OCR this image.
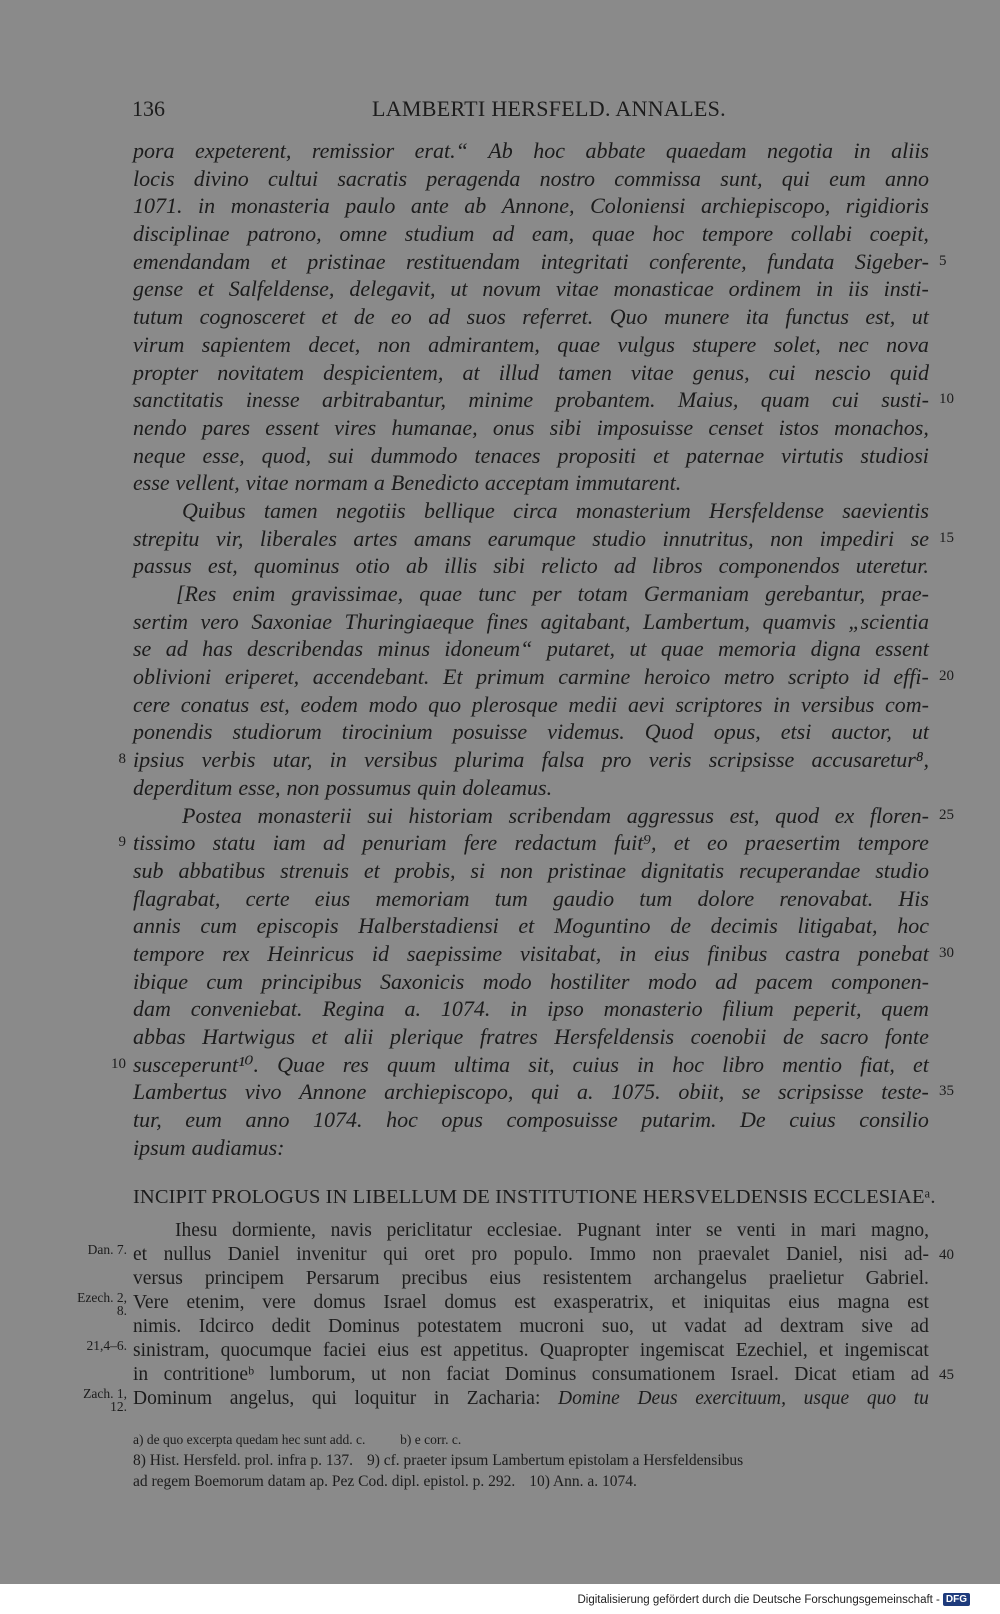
136	LAMBERTI HERSFELD. ANNALES.
pora expeterent, remissior erat.“ Ab hoc abbate quaedam negotia in aliis
locis divino cultui sacratis peragenda nostro commissa sunt, qui eum anno
1071. in monasteria paulo ante ab Annone, Coloniensi archiepiscopo, rigidioris
disciplinae patrono, omne studium ad eam, quae hoc tempore collabi coepit,
emendandam et pristinae restituendam integritati conferente, fundata Sigeber- 5
gense et Salfeldense, delegavit, ut novum vitae monasticae ordinem in iis insti-
tutum cognosceret et de eo ad suos referret. Quo munere ita functus est, ut
virum sapientem decet, non admirantem, quae vulgus stupere solet, nec nova
propter novitatem despicientem, at illud tamen vitae genus, cui nescio quid
sanctitatis inesse arbitrabantur, minime probantem. Maius, quam cui susti- 10
nendo pares essent vires humanae, onus sibi imposuisse censet istos monachos,
neque esse, quod, sui dummodo tenaces propositi et paternae virtutis studiosi
esse vellent, vitae normam a Benedicto acceptam immutarent.
Quibus tamen negotiis bellique circa monasterium Hersfeldense saevientis
strepitu vir, liberales artes amans earumque studio innutritus, non impediri se 15
passus est, quominus otio ab illis sibi relicto ad libros componendos uteretur.
[Res enim gravissimae, quae tunc per totam Germaniam gerebantur, prae-
sertim vero Saxoniae Thuringiaeque fines agitabant, Lambertum, quamvis „scientia
se ad has describendas minus idoneum“ putaret, ut quae memoria digna essent
oblivioni eriperet, accendebant. Et primum carmine heroico metro scripto id effi- 20
cere conatus est, eodem modo quo plerosque medii aevi scriptores in versibus com-
ponendis studiorum tirocinium posuisse videmus. Quod opus, etsi auctor, ut
ipsius verbis utar, in versibus plurima falsa pro veris scripsisse accusaretur⁸,
8
deperditum esse, non possumus quin doleamus.
Postea monasterii sui historiam scribendam aggressus est, quod ex floren- 25
tissimo statu iam ad penuriam fere redactum fuit⁹, et eo praesertim tempore
9
sub abbatibus strenuis et probis, si non pristinae dignitatis recuperandae studio
flagrabat, certe eius memoriam tum gaudio tum dolore renovabat. His
annis cum episcopis Halberstadiensi et Moguntino de decimis litigabat, hoc
tempore rex Heinricus id saepissime visitabat, in eius finibus castra ponebat 30
ibique cum principibus Saxonicis modo hostiliter modo ad pacem componen-
dam conveniebat. Regina a. 1074. in ipso monasterio filium peperit, quem
abbas Hartwigus et alii plerique fratres Hersfeldensis coenobii de sacro fonte
susceperunt¹⁰. Quae res quum ultima sit, cuius in hoc libro mentio fiat, et
10
Lambertus vivo Annone archiepiscopo, qui a. 1075. obiit, se scripsisse teste- 35
tur, eum anno 1074. hoc opus composuisse putarim. De cuius consilio
ipsum audiamus:
INCIPIT PROLOGUS IN LIBELLUM DE INSTITUTIONE HERSVELDENSIS ECCLESIAEᵃ.
Ihesu dormiente, navis periclitatur ecclesiae. Pugnant inter se venti in mari magno,
et nullus Daniel invenitur qui oret pro populo. Immo non praevalet Daniel, nisi ad- 40
Dan. 7.
versus principem Persarum precibus eius resistentem archangelus praelietur Gabriel.
Vere etenim, vere domus Israel domus est exasperatrix, et iniquitas eius magna est
Ezech. 2, 8.
nimis. Idcirco dedit Dominus potestatem mucroni suo, ut vadat ad dextram sive ad
sinistram, quocumque faciei eius est appetitus. Quapropter ingemiscat Ezechiel, et ingemiscat
21,4–6.
in contritioneᵇ lumborum, ut non faciat Dominus consumationem Israel. Dicat etiam ad 45
Dominum angelus, qui loquitur in Zacharia: Domine Deus exercituum, usque quo tu
Zach. 1, 12.
a) de quo excerpta quedam hec sunt add. c.	b) e corr. c.
8) Hist. Hersfeld. prol. infra p. 137. 9) cf. praeter ipsum Lambertum epistolam a Hersfeldensibus
ad regem Boemorum datam ap. Pez Cod. dipl. epistol. p. 292. 10) Ann. a. 1074.
Digitalisierung gefördert durch die Deutsche Forschungsgemeinschaft - DFG
